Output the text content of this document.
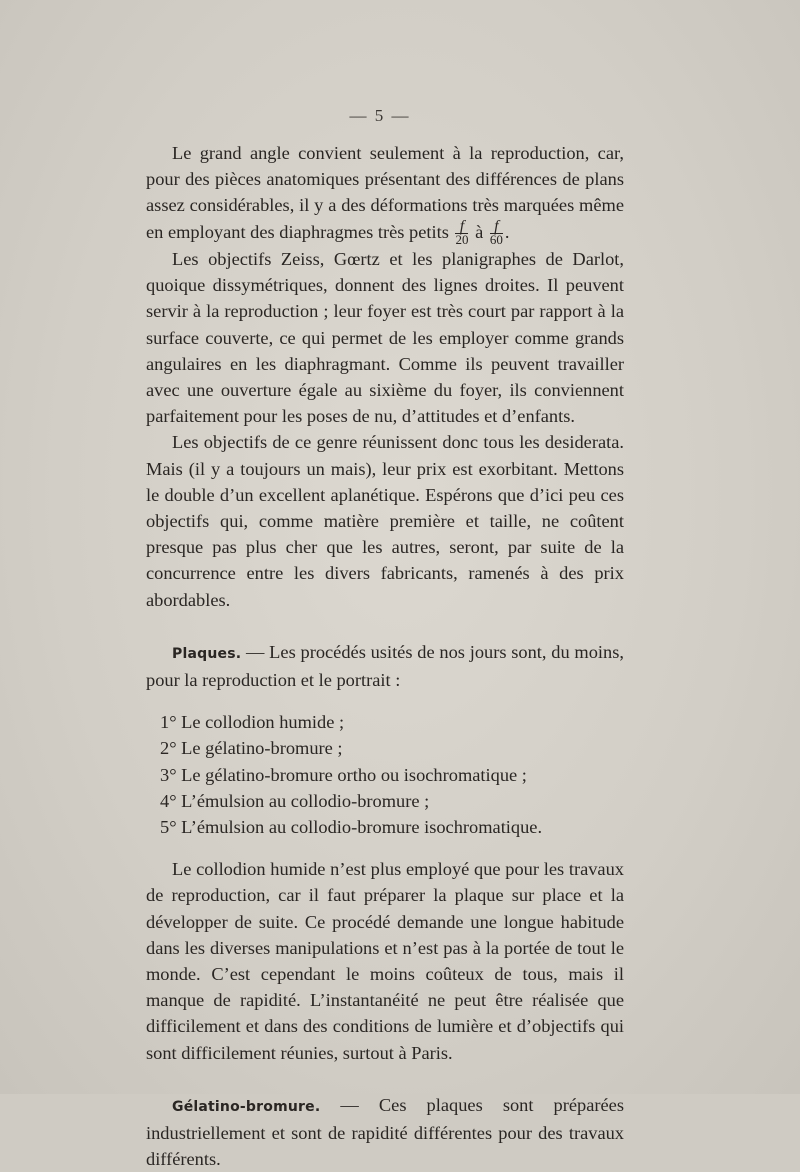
— 5 —

Le grand angle convient seulement à la reproduction, car, pour des pièces anatomiques présentant des différences de plans assez considérables, il y a des déformations très marquées même en employant des diaphragmes très petits $\frac{f}{20}$ à $\frac{f}{60}$ .

Les objectifs Zeiss, Gœrtz et les planigraphes de Darlot, quoique dissymétriques, donnent des lignes droites. Il peuvent servir à la reproduction ; leur foyer est très court par rapport à la surface couverte, ce qui permet de les employer comme grands angulaires en les diaphragmant. Comme ils peuvent travailler avec une ouverture égale au sixième du foyer, ils conviennent parfaitement pour les poses de nu, d’attitudes et d’enfants.

Les objectifs de ce genre réunissent donc tous les desiderata. Mais (il y a toujours un mais), leur prix est exorbitant. Mettons le double d’un excellent aplanétique. Espérons que d’ici peu ces objectifs qui, comme matière première et taille, ne coûtent presque pas plus cher que les autres, seront, par suite de la concurrence entre les divers fabricants, ramenés à des prix abordables.

Plaques. — Les procédés usités de nos jours sont, du moins, pour la reproduction et le portrait :

1° Le collodion humide ;

2° Le gélatino-bromure ;

3° Le gélatino-bromure ortho ou isochromatique ;

4° L’émulsion au collodio-bromure ;

5° L’émulsion au collodio-bromure isochromatique.

Le collodion humide n’est plus employé que pour les travaux de reproduction, car il faut préparer la plaque sur place et la développer de suite. Ce procédé demande une longue habitude dans les diverses manipulations et n’est pas à la portée de tout le monde. C’est cependant le moins coûteux de tous, mais il manque de rapidité. L’instantanéité ne peut être réalisée que difficilement et dans des conditions de lumière et d’objectifs qui sont difficilement réunies, surtout à Paris.

Gélatino-bromure. — Ces plaques sont préparées industriellement et sont de rapidité différentes pour des travaux différents.
